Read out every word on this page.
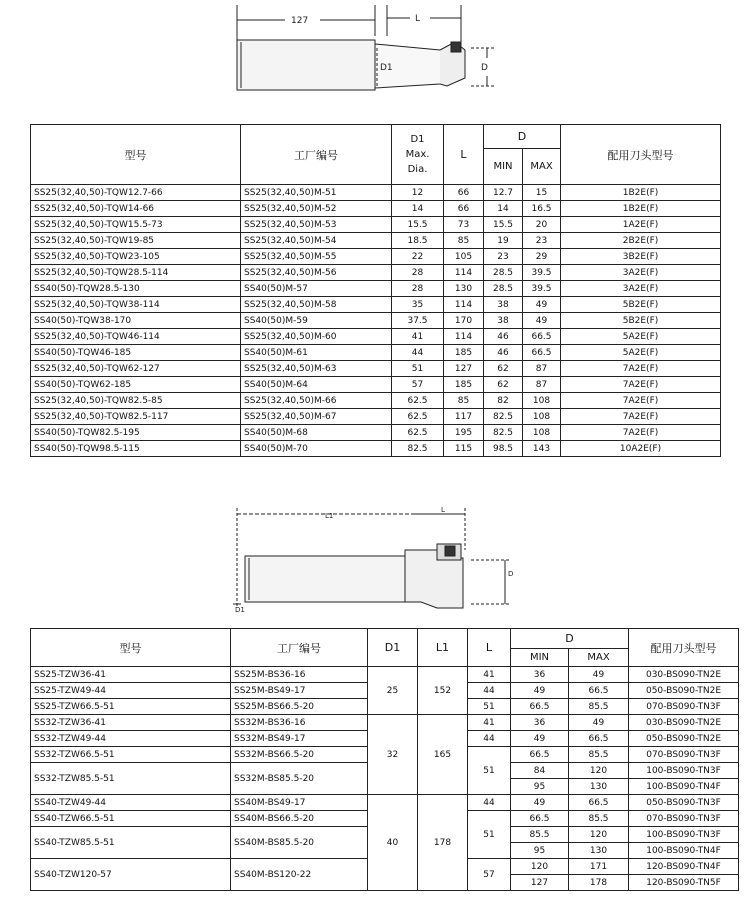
127	L
D1	D
型号	工厂编号	D1
Max.
Dia.	L	D		配用刀头型号
				MIN	MAX	
SS25(32,40,50)-TQW12.7-66	SS25(32,40,50)M-51	12	66	12.7	15	1B2E(F)
SS25(32,40,50)-TQW14-66	SS25(32,40,50)M-52	14	66	14	16.5	1B2E(F)
SS25(32,40,50)-TQW15.5-73	SS25(32,40,50)M-53	15.5	73	15.5	20	1A2E(F)
SS25(32,40,50)-TQW19-85	SS25(32,40,50)M-54	18.5	85	19	23	2B2E(F)
SS25(32,40,50)-TQW23-105	SS25(32,40,50)M-55	22	105	23	29	3B2E(F)
SS25(32,40,50)-TQW28.5-114	SS25(32,40,50)M-56	28	114	28.5	39.5	3A2E(F)
SS40(50)-TQW28.5-130	SS40(50)M-57	28	130	28.5	39.5	3A2E(F)
SS25(32,40,50)-TQW38-114	SS25(32,40,50)M-58	35	114	38	49	5B2E(F)
SS40(50)-TQW38-170	SS40(50)M-59	37.5	170	38	49	5B2E(F)
SS25(32,40,50)-TQW46-114	SS25(32,40,50)M-60	41	114	46	66.5	5A2E(F)
SS40(50)-TQW46-185	SS40(50)M-61	44	185	46	66.5	5A2E(F)
SS25(32,40,50)-TQW62-127	SS25(32,40,50)M-63	51	127	62	87	7A2E(F)
SS40(50)-TQW62-185	SS40(50)M-64	57	185	62	87	7A2E(F)
SS25(32,40,50)-TQW82.5-85	SS25(32,40,50)M-66	62.5	85	82	108	7A2E(F)
SS25(32,40,50)-TQW82.5-117	SS25(32,40,50)M-67	62.5	117	82.5	108	7A2E(F)
SS40(50)-TQW82.5-195	SS40(50)M-68	62.5	195	82.5	108	7A2E(F)
SS40(50)-TQW98.5-115	SS40(50)M-70	82.5	115	98.5	143	10A2E(F)
L1
L
D
D1
型号	工厂编号	D1	L1	L	D		配用刀头型号
					MIN	MAX	
SS25-TZW36-41	SS25M-BS36-16	25	152	41	36	49	030-BS090-TN2E
SS25-TZW49-44	SS25M-BS49-17			44	49	66.5	050-BS090-TN2E
SS25-TZW66.5-51	SS25M-BS66.5-20			51	66.5	85.5	070-BS090-TN3F
SS32-TZW36-41	SS32M-BS36-16	32	165	41	36	49	030-BS090-TN2E
SS32-TZW49-44	SS32M-BS49-17			44	49	66.5	050-BS090-TN2E
SS32-TZW66.5-51	SS32M-BS66.5-20			51	66.5	85.5	070-BS090-TN3F
SS32-TZW85.5-51	SS32M-BS85.5-20				84	120	100-BS090-TN3F
					95	130	100-BS090-TN4F
SS40-TZW49-44	SS40M-BS49-17	40	178	44	49	66.5	050-BS090-TN3F
SS40-TZW66.5-51	SS40M-BS66.5-20			51	66.5	85.5	070-BS090-TN3F
SS40-TZW85.5-51	SS40M-BS85.5-20				85.5	120	100-BS090-TN3F
					95	130	100-BS090-TN4F
SS40-TZW120-57	SS40M-BS120-22			57	120	171	120-BS090-TN4F
					127	178	120-BS090-TN5F
